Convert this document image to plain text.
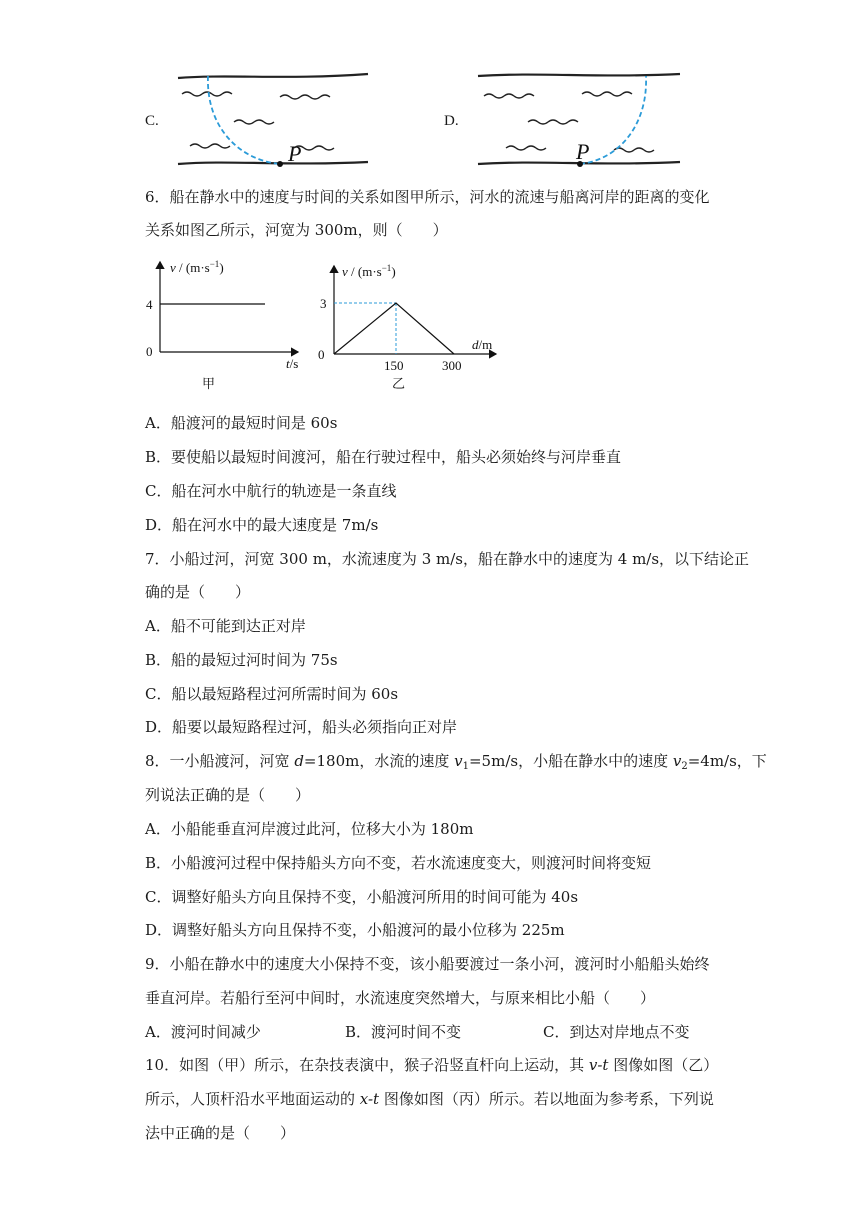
C.
P
D.
P
6．船在静水中的速度与时间的关系如图甲所示，河水的流速与船离河岸的距离的变化
关系如图乙所示，河宽为 300m，则（　　）
$v / (m\cdot s^{-1})$
4
0
t/s
甲
$v / (m\cdot s^{-1})$
3
0
150	300
d/m
乙
A．船渡河的最短时间是 60s
B．要使船以最短时间渡河，船在行驶过程中，船头必须始终与河岸垂直
C．船在河水中航行的轨迹是一条直线
D．船在河水中的最大速度是 7m/s
7．小船过河，河宽 300 m，水流速度为 3 m/s，船在静水中的速度为 4 m/s，以下结论正
确的是（　　）
A．船不可能到达正对岸
B．船的最短过河时间为 75s
C．船以最短路程过河所需时间为 60s
D．船要以最短路程过河，船头必须指向正对岸
8．一小船渡河，河宽 d=180m，水流的速度 $v_1=5m/s$，小船在静水中的速度 $v_2=4m/s$，下
列说法正确的是（　　）
A．小船能垂直河岸渡过此河，位移大小为 180m
B．小船渡河过程中保持船头方向不变，若水流速度变大，则渡河时间将变短
C．调整好船头方向且保持不变，小船渡河所用的时间可能为 40s
D．调整好船头方向且保持不变，小船渡河的最小位移为 225m
9．小船在静水中的速度大小保持不变，该小船要渡过一条小河，渡河时小船船头始终
垂直河岸。若船行至河中间时，水流速度突然增大，与原来相比小船（　　）
A．渡河时间减少	B．渡河时间不变	C．到达对岸地点不变
10．如图（甲）所示，在杂技表演中，猴子沿竖直杆向上运动，其 v-t 图像如图（乙）
所示，人顶杆沿水平地面运动的 x-t 图像如图（丙）所示。若以地面为参考系，下列说
法中正确的是（　　）
